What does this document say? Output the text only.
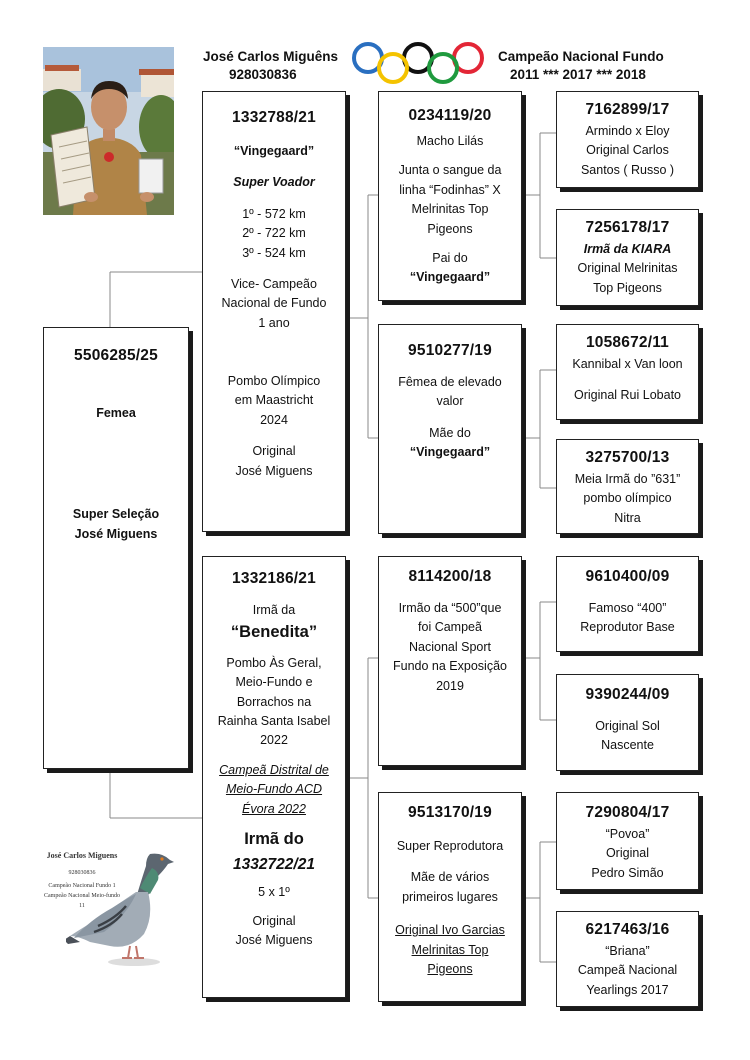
José Carlos Miguêns
928030836
Campeão Nacional Fundo
2011 *** 2017 *** 2018

5506285/25

Femea

Super Seleção

José Miguens

1332788/21

“Vingegaard”

Super Voador

1º - 572 km

2º - 722 km

3º - 524 km

Vice- Campeão

Nacional de Fundo

1 ano

Pombo Olímpico

em Maastricht

2024

Original

José Miguens

1332186/21

Irmã da

“Benedita”

Pombo Às Geral,

Meio-Fundo e

Borrachos na

Rainha Santa Isabel

2022

Campeã Distrital de

Meio-Fundo ACD

Évora 2022

Irmã do

1332722/21

5 x 1º

Original

José Miguens

0234119/20

Macho Lilás

Junta o sangue da

linha “Fodinhas” X

Melrinitas Top

Pigeons

Pai do

“Vingegaard”

9510277/19

Fêmea de elevado

valor

Mãe do

“Vingegaard”

8114200/18

Irmão da “500”que

foi Campeã

Nacional Sport

Fundo na Exposição

2019

9513170/19

Super Reprodutora

Mãe de vários

primeiros lugares

Original Ivo Garcias

Melrinitas Top

Pigeons

7162899/17

Armindo x Eloy

Original Carlos

Santos ( Russo )

7256178/17

Irmã da KIARA

Original Melrinitas

Top Pigeons

1058672/11

Kannibal x Van loon

Original Rui Lobato

3275700/13

Meia Irmã do ”631”

pombo olímpico

Nitra

9610400/09

Famoso “400”

Reprodutor Base

9390244/09

Original Sol

Nascente

7290804/17

“Povoa”

Original

Pedro Simão

6217463/16

“Briana”

Campeã Nacional

Yearlings 2017

José Carlos Miguens
928030836
Campeão Nacional Fundo 1
Campeão Nacional Meio-fundo 11
